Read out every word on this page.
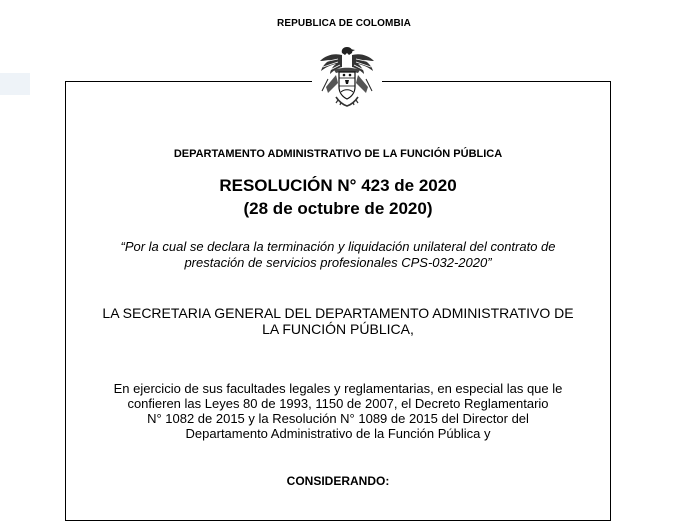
REPUBLICA DE COLOMBIA
DEPARTAMENTO ADMINISTRATIVO DE LA FUNCIÓN PÚBLICA
RESOLUCIÓN N° 423 de 2020
(28 de octubre de 2020)
“Por la cual se declara la terminación y liquidación unilateral del contrato de
prestación de servicios profesionales CPS-032-2020”
LA SECRETARIA GENERAL DEL DEPARTAMENTO ADMINISTRATIVO DE
LA FUNCIÓN PÚBLICA,
En ejercicio de sus facultades legales y reglamentarias, en especial las que le
confieren las Leyes 80 de 1993, 1150 de 2007, el Decreto Reglamentario
N° 1082 de 2015 y la Resolución N° 1089 de 2015 del Director del
Departamento Administrativo de la Función Pública y
CONSIDERANDO:
